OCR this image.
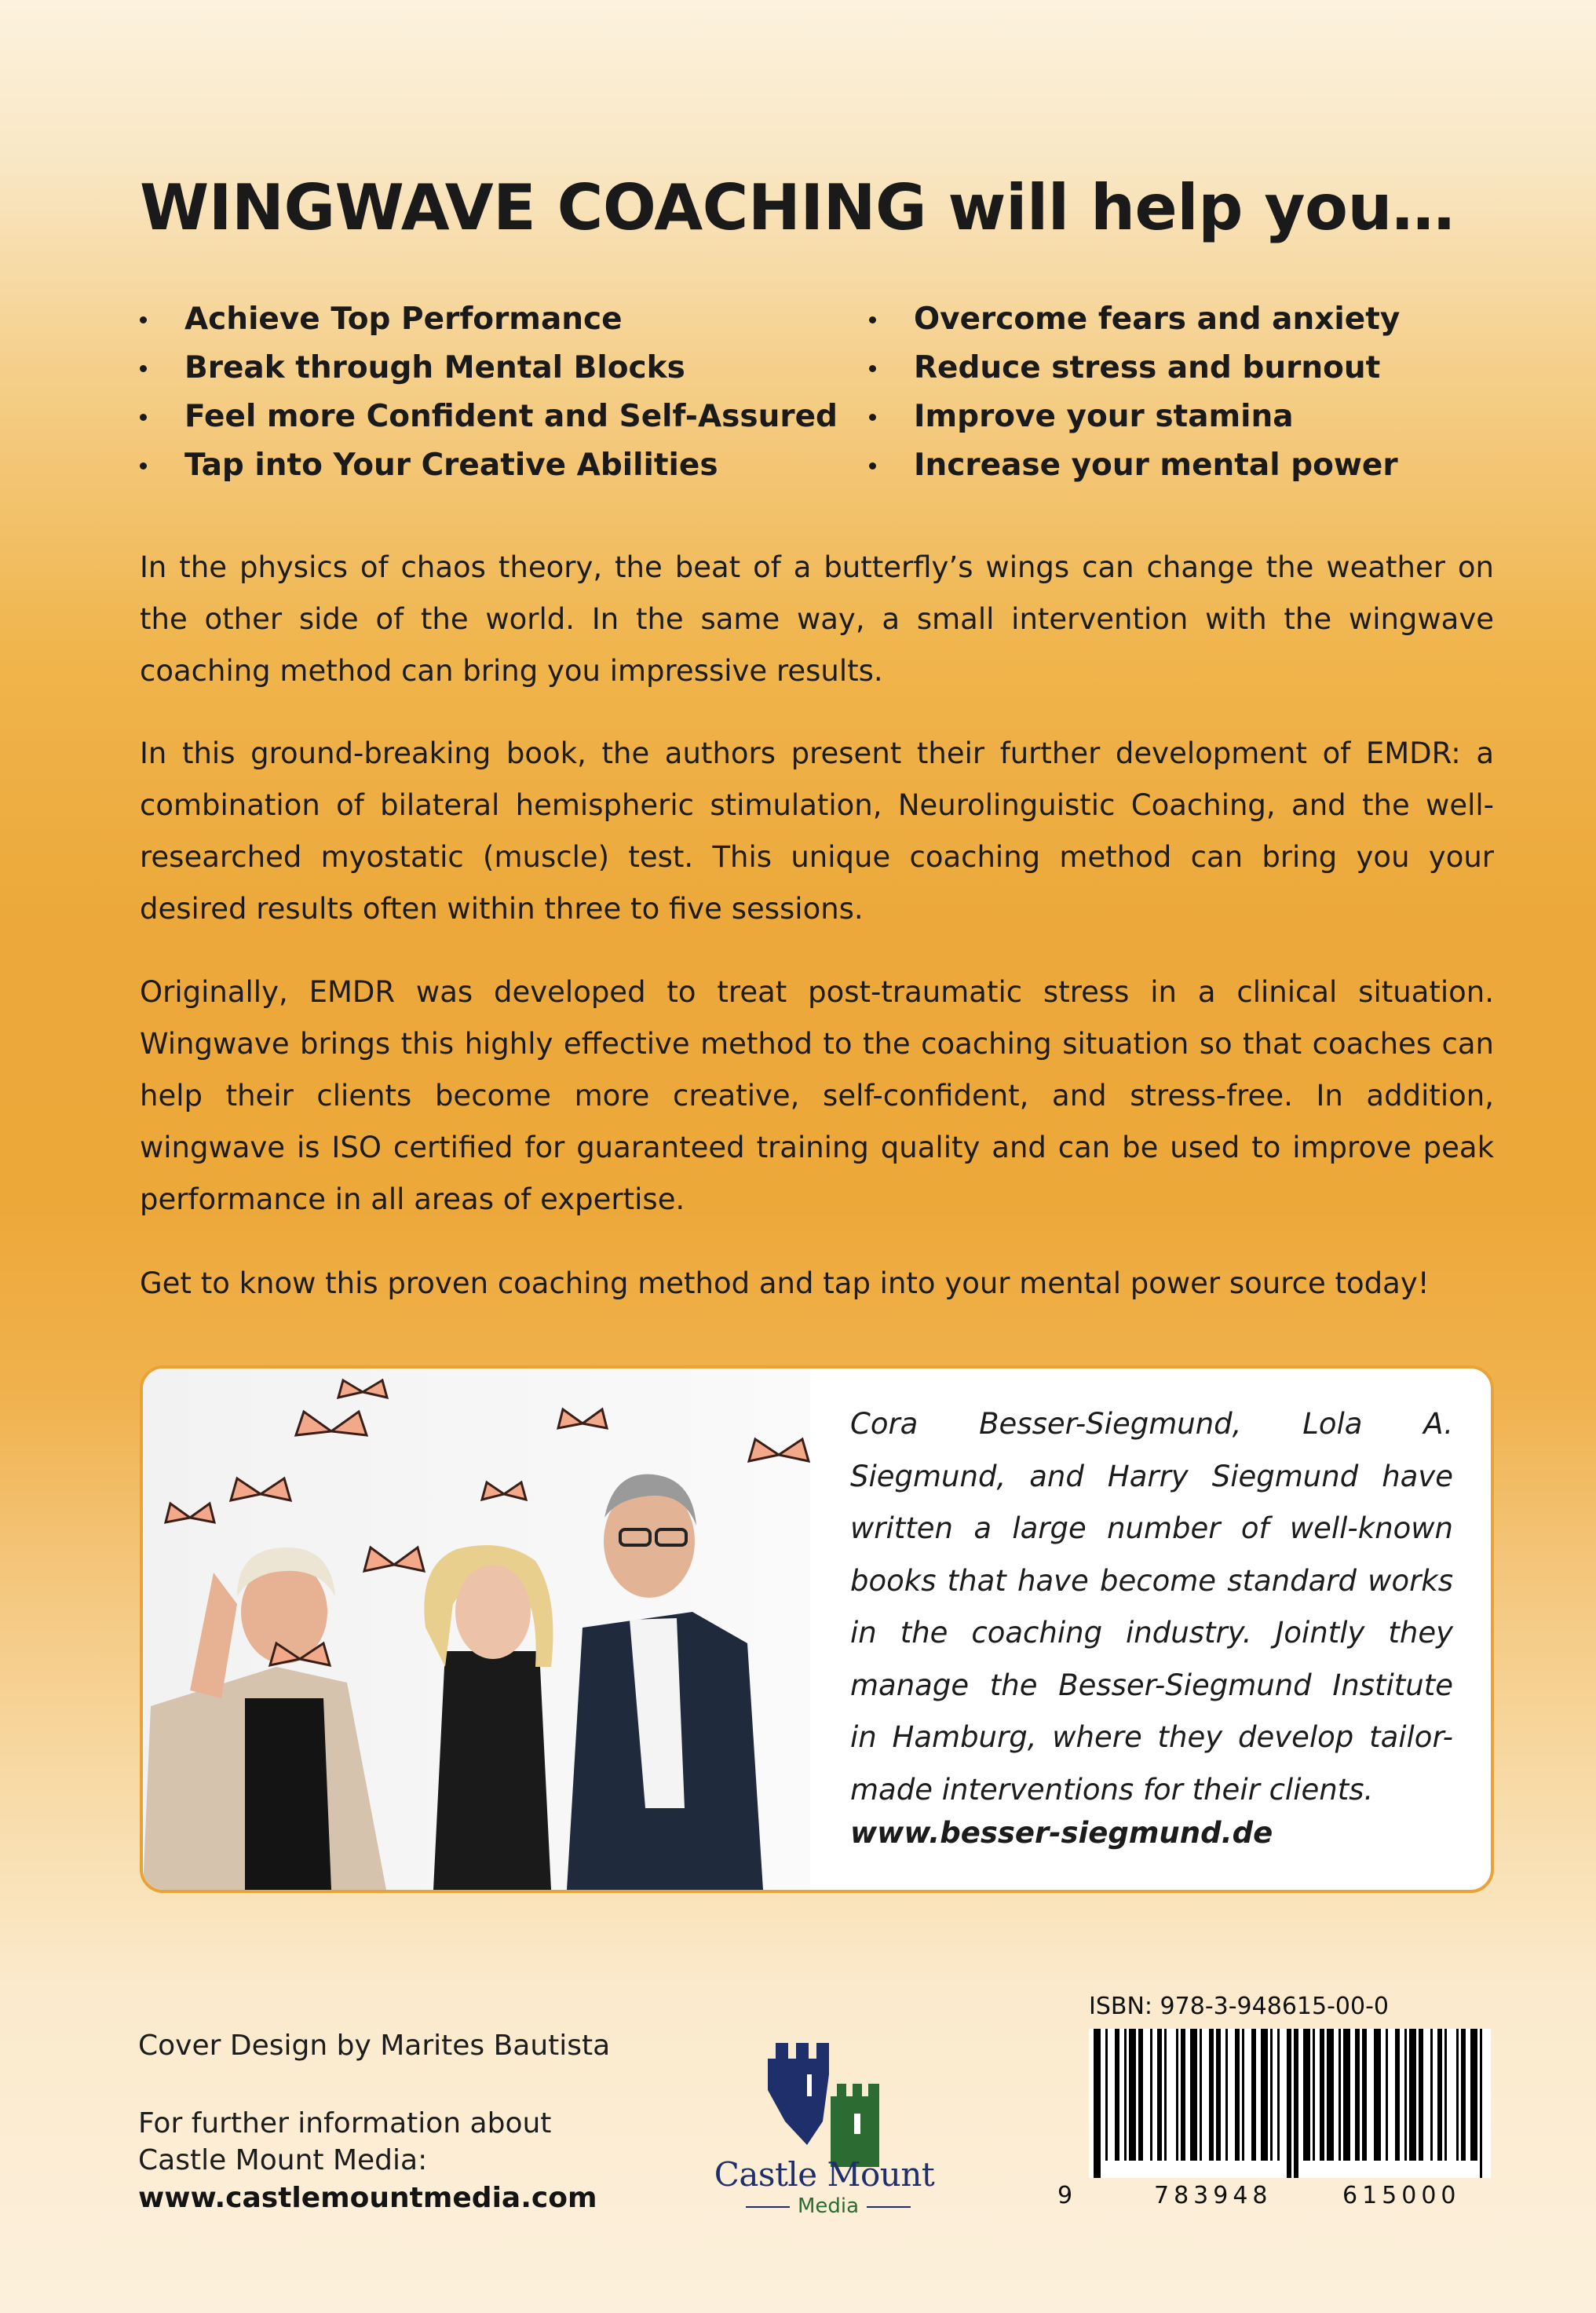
WINGWAVE COACHING will help you…
Achieve Top Performance
Break through Mental Blocks
Feel more Confident and Self-Assured
Tap into Your Creative Abilities
Overcome fears and anxiety
Reduce stress and burnout
Improve your stamina
Increase your mental power

In the physics of chaos theory, the beat of a butterfly’s wings can change the weather on the other side of the world. In the same way, a small intervention with the wingwave coaching method can bring you impressive results.

In this ground-breaking book, the authors present their further development of EMDR: a combination of bilateral hemispheric stimulation, Neurolinguistic Coaching, and the well-researched myostatic (muscle) test. This unique coaching method can bring you your desired results often within three to five sessions.

Originally, EMDR was developed to treat post-traumatic stress in a clinical situation. Wingwave brings this highly effective method to the coaching situation so that coaches can help their clients become more creative, self-confident, and stress-free. In addition, wingwave is ISO certified for guaranteed training quality and can be used to improve peak performance in all areas of expertise.

Get to know this proven coaching method and tap into your mental power source today!

Cora Besser-Siegmund, Lola A. Siegmund, and Harry Siegmund have written a large number of well-known books that have become standard works in the coaching industry. Jointly they manage the Besser-Siegmund Institute in Hamburg, where they develop tailor-made interventions for their clients.

www.besser-siegmund.de

Cover Design by Marites Bautista

For further information about
Castle Mount Media:

www.castlemountmedia.com

Castle Mount

Media

ISBN: 978-3-948615-00-0

9	783948	615000
